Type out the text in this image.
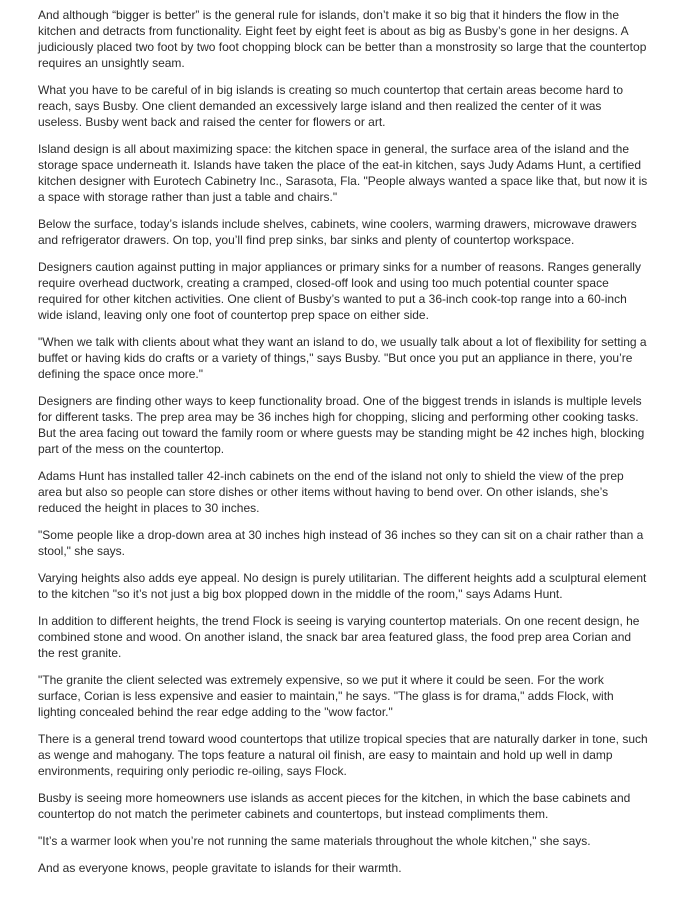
And although “bigger is better” is the general rule for islands, don’t make it so big that it hinders the flow in the kitchen and detracts from functionality. Eight feet by eight feet is about as big as Busby’s gone in her designs. A judiciously placed two foot by two foot chopping block can be better than a monstrosity so large that the countertop requires an unsightly seam.

What you have to be careful of in big islands is creating so much countertop that certain areas become hard to reach, says Busby. One client demanded an excessively large island and then realized the center of it was useless. Busby went back and raised the center for flowers or art.

Island design is all about maximizing space: the kitchen space in general, the surface area of the island and the storage space underneath it. Islands have taken the place of the eat-in kitchen, says Judy Adams Hunt, a certified kitchen designer with Eurotech Cabinetry Inc., Sarasota, Fla. "People always wanted a space like that, but now it is a space with storage rather than just a table and chairs."

Below the surface, today’s islands include shelves, cabinets, wine coolers, warming drawers, microwave drawers and refrigerator drawers. On top, you’ll find prep sinks, bar sinks and plenty of countertop workspace.

Designers caution against putting in major appliances or primary sinks for a number of reasons. Ranges generally require overhead ductwork, creating a cramped, closed-off look and using too much potential counter space required for other kitchen activities. One client of Busby’s wanted to put a 36-inch cook-top range into a 60-inch wide island, leaving only one foot of countertop prep space on either side.

"When we talk with clients about what they want an island to do, we usually talk about a lot of flexibility for setting a buffet or having kids do crafts or a variety of things," says Busby. "But once you put an appliance in there, you’re defining the space once more."

Designers are finding other ways to keep functionality broad. One of the biggest trends in islands is multiple levels for different tasks. The prep area may be 36 inches high for chopping, slicing and performing other cooking tasks. But the area facing out toward the family room or where guests may be standing might be 42 inches high, blocking part of the mess on the countertop.

Adams Hunt has installed taller 42-inch cabinets on the end of the island not only to shield the view of the prep area but also so people can store dishes or other items without having to bend over. On other islands, she’s reduced the height in places to 30 inches.

"Some people like a drop-down area at 30 inches high instead of 36 inches so they can sit on a chair rather than a stool," she says.

Varying heights also adds eye appeal. No design is purely utilitarian. The different heights add a sculptural element to the kitchen "so it’s not just a big box plopped down in the middle of the room," says Adams Hunt.

In addition to different heights, the trend Flock is seeing is varying countertop materials. On one recent design, he combined stone and wood. On another island, the snack bar area featured glass, the food prep area Corian and the rest granite.

"The granite the client selected was extremely expensive, so we put it where it could be seen. For the work surface, Corian is less expensive and easier to maintain," he says. "The glass is for drama," adds Flock, with lighting concealed behind the rear edge adding to the "wow factor."

There is a general trend toward wood countertops that utilize tropical species that are naturally darker in tone, such as wenge and mahogany. The tops feature a natural oil finish, are easy to maintain and hold up well in damp environments, requiring only periodic re-oiling, says Flock.

Busby is seeing more homeowners use islands as accent pieces for the kitchen, in which the base cabinets and countertop do not match the perimeter cabinets and countertops, but instead compliments them.

"It’s a warmer look when you’re not running the same materials throughout the whole kitchen," she says.

And as everyone knows, people gravitate to islands for their warmth.
